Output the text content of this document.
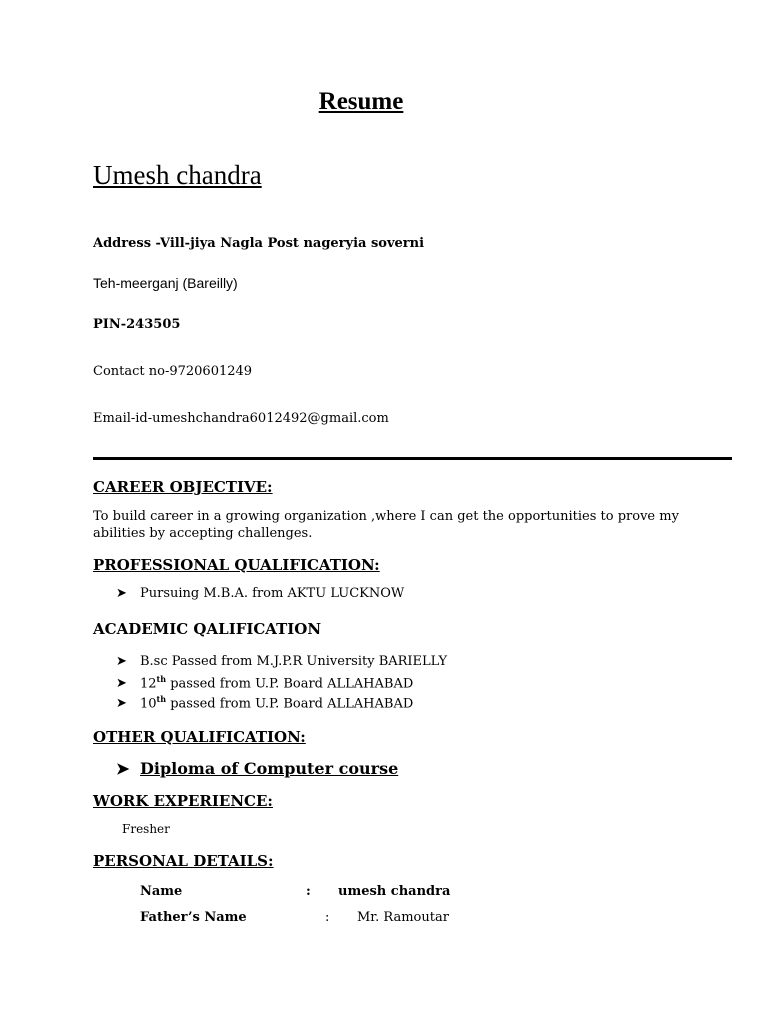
Resume
Umesh chandra
Address -Vill-jiya Nagla Post nageryia soverni
Teh-meerganj (Bareilly)
PIN-243505
Contact no-9720601249
Email-id-umeshchandra6012492@gmail.com
CAREER OBJECTIVE:
To build career in a growing organization ,where I can get the opportunities to prove my abilities by accepting challenges.
PROFESSIONAL QUALIFICATION:
➤ Pursuing M.B.A. from AKTU LUCKNOW
ACADEMIC QALIFICATION
➤ B.sc Passed from M.J.P.R University BARIELLY
➤ 12th passed from U.P. Board ALLAHABAD
➤ 10th passed from U.P. Board ALLAHABAD
OTHER QUALIFICATION:
➤ Diploma of Computer course
WORK EXPERIENCE:
Fresher
PERSONAL DETAILS:
Name	: umesh chandra
Father’s Name	: Mr. Ramoutar
